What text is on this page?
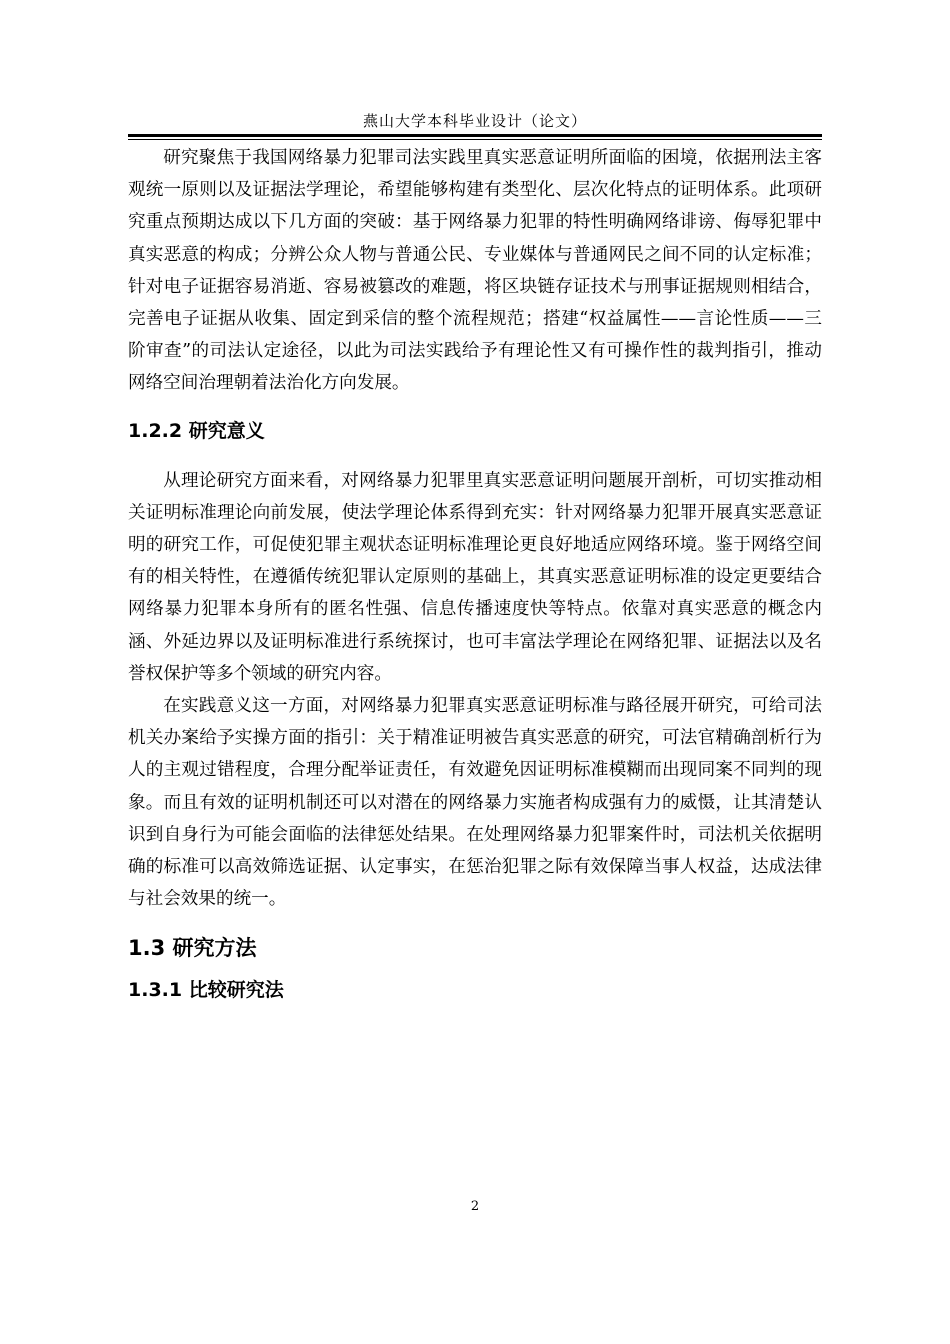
燕山大学本科毕业设计（论文）

研究聚焦于我国网络暴力犯罪司法实践里真实恶意证明所面临的困境，依据刑法主客观统一原则以及证据法学理论，希望能够构建有类型化、层次化特点的证明体系。此项研究重点预期达成以下几方面的突破：基于网络暴力犯罪的特性明确网络诽谤、侮辱犯罪中真实恶意的构成；分辨公众人物与普通公民、专业媒体与普通网民之间不同的认定标准；针对电子证据容易消逝、容易被篡改的难题，将区块链存证技术与刑事证据规则相结合，完善电子证据从收集、固定到采信的整个流程规范；搭建“权益属性——言论性质——三阶审查”的司法认定途径，以此为司法实践给予有理论性又有可操作性的裁判指引，推动网络空间治理朝着法治化方向发展。

1.2.2 研究意义

从理论研究方面来看，对网络暴力犯罪里真实恶意证明问题展开剖析，可切实推动相关证明标准理论向前发展，使法学理论体系得到充实：针对网络暴力犯罪开展真实恶意证明的研究工作，可促使犯罪主观状态证明标准理论更良好地适应网络环境。鉴于网络空间有的相关特性，在遵循传统犯罪认定原则的基础上，其真实恶意证明标准的设定更要结合网络暴力犯罪本身所有的匿名性强、信息传播速度快等特点。依靠对真实恶意的概念内涵、外延边界以及证明标准进行系统探讨，也可丰富法学理论在网络犯罪、证据法以及名誉权保护等多个领域的研究内容。

在实践意义这一方面，对网络暴力犯罪真实恶意证明标准与路径展开研究，可给司法机关办案给予实操方面的指引：关于精准证明被告真实恶意的研究，可法官精确剖析行为人的主观过错程度，合理分配举证责任，有效避免因证明标准模糊而出现同案不同判的现象。而且有效的证明机制还可以对潜在的网络暴力实施者构成强有力的威慑，让其清楚认识到自身行为可能会面临的法律惩处结果。在处理网络暴力犯罪案件时，司法机关依据明确的标准可以高效筛选证据、认定事实，在惩治犯罪之际有效保障当事人权益，达成法律与社会效果的统一。

1.3 研究方法
1.3.1 比较研究法
2
